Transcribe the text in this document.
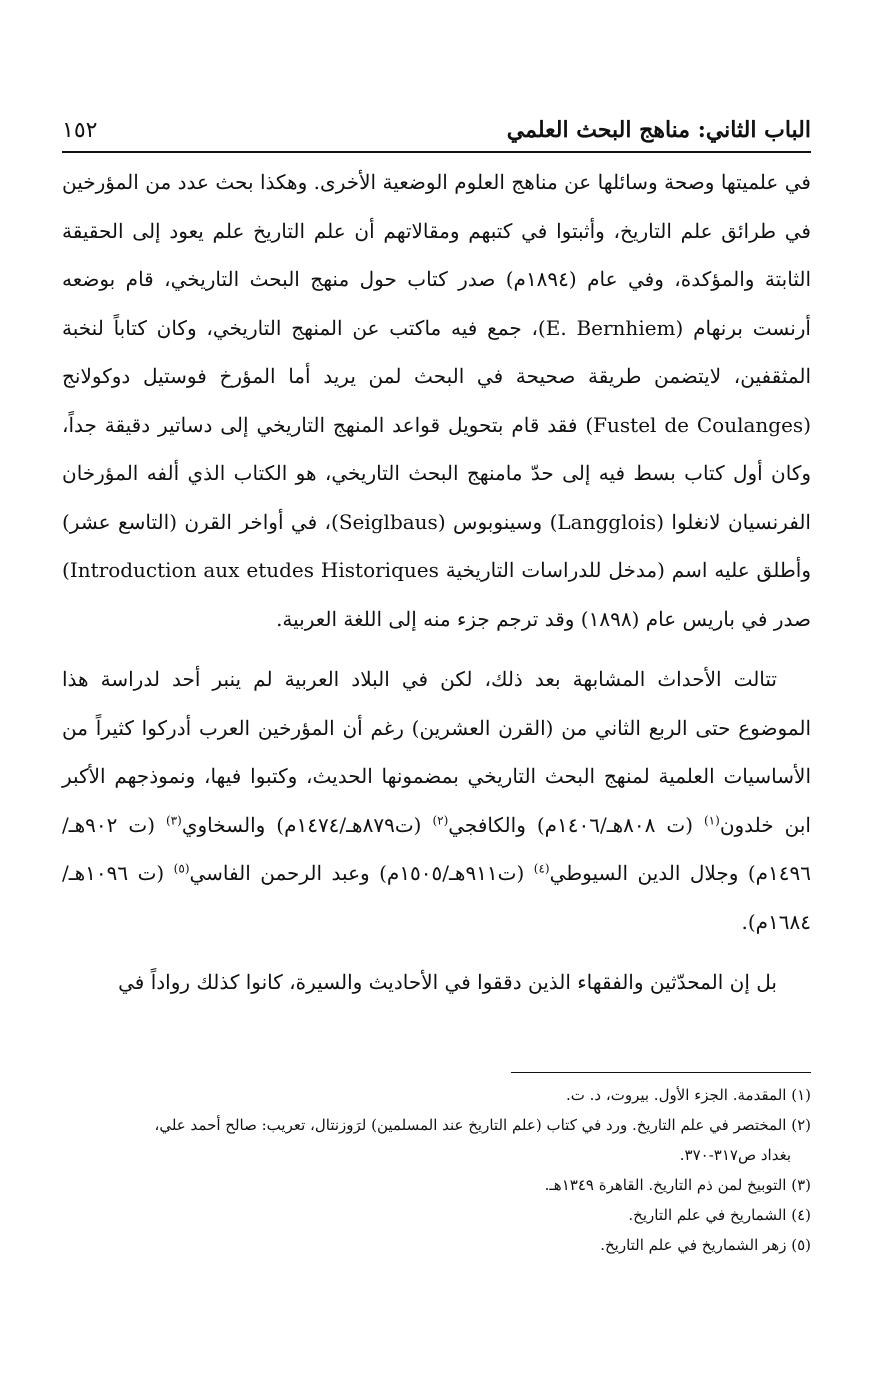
الباب الثاني: مناهج البحث العلمي
١٥٢

في علميتها وصحة وسائلها عن مناهج العلوم الوضعية الأخرى. وهكذا بحث عدد من المؤرخين في طرائق علم التاريخ، وأثبتوا في كتبهم ومقالاتهم أن علم التاريخ علم يعود إلى الحقيقة الثابتة والمؤكدة، وفي عام (١٨٩٤م) صدر كتاب حول منهج البحث التاريخي، قام بوضعه أرنست برنهام (E. Bernhiem)، جمع فيه ماكتب عن المنهج التاريخي، وكان كتاباً لنخبة المثقفين، لايتضمن طريقة صحيحة في البحث لمن يريد أما المؤرخ فوستيل دوكولانج (Fustel de Coulanges) فقد قام بتحويل قواعد المنهج التاريخي إلى دساتير دقيقة جداً، وكان أول كتاب بسط فيه إلى حدّ مامنهج البحث التاريخي، هو الكتاب الذي ألفه المؤرخان الفرنسيان لانغلوا (Langglois) وسينوبوس (Seiglbaus)، في أواخر القرن (التاسع عشر) وأطلق عليه اسم (مدخل للدراسات التاريخية Introduction aux etudes Historiques) صدر في باريس عام (١٨٩٨) وقد ترجم جزء منه إلى اللغة العربية.

تتالت الأحداث المشابهة بعد ذلك، لكن في البلاد العربية لم ينبر أحد لدراسة هذا الموضوع حتى الربع الثاني من (القرن العشرين) رغم أن المؤرخين العرب أدركوا كثيراً من الأساسيات العلمية لمنهج البحث التاريخي بمضمونها الحديث، وكتبوا فيها، ونموذجهم الأكبر ابن خلدون$^{(١)}$ (ت ٨٠٨هـ/١٤٠٦م) والكافجي$^{(٢)}$ (ت٨٧٩هـ/١٤٧٤م) والسخاوي$^{(٣)}$ (ت ٩٠٢هـ/١٤٩٦م) وجلال الدين السيوطي$^{(٤)}$ (ت٩١١هـ/١٥٠٥م) وعبد الرحمن الفاسي$^{(٥)}$ (ت ١٠٩٦هـ/١٦٨٤م).

بل إن المحدّثين والفقهاء الذين دققوا في الأحاديث والسيرة، كانوا كذلك رواداً في

(١) المقدمة. الجزء الأول. بيروت، د. ت.

(٢) المختصر في علم التاريخ. ورد في كتاب (علم التاريخ عند المسلمين) لرَوزنتال، تعريب: صالح أحمد علي،

بغداد ص٣١٧-٣٧٠.

(٣) التوبيخ لمن ذم التاريخ. القاهرة ١٣٤٩هـ.

(٤) الشماريخ في علم التاريخ.

(٥) زهر الشماريخ في علم التاريخ.
